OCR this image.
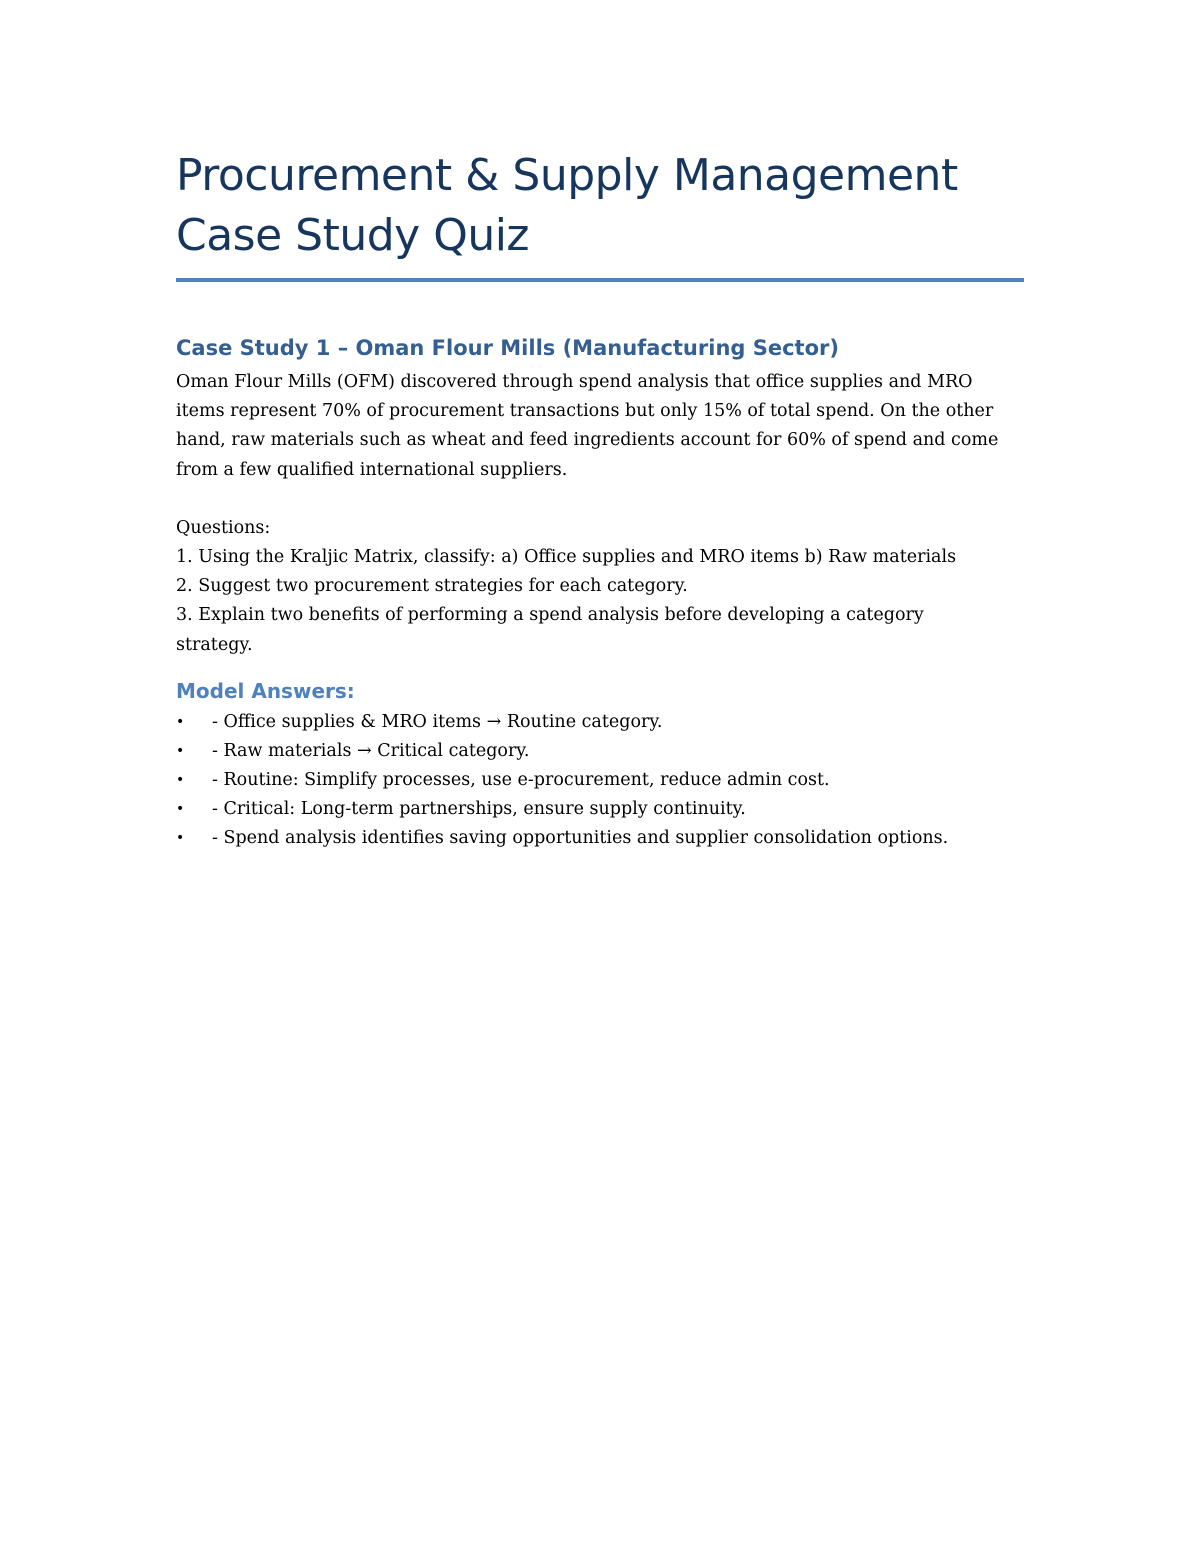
Procurement & Supply Management
Case Study Quiz
Case Study 1 – Oman Flour Mills (Manufacturing Sector)

Oman Flour Mills (OFM) discovered through spend analysis that office supplies and MRO
items represent 70% of procurement transactions but only 15% of total spend. On the other
hand, raw materials such as wheat and feed ingredients account for 60% of spend and come
from a few qualified international suppliers.

Questions:
1. Using the Kraljic Matrix, classify: a) Office supplies and MRO items b) Raw materials
2. Suggest two procurement strategies for each category.
3. Explain two benefits of performing a spend analysis before developing a category
strategy.

Model Answers:
• - Office supplies & MRO items → Routine category.
• - Raw materials → Critical category.
• - Routine: Simplify processes, use e-procurement, reduce admin cost.
• - Critical: Long-term partnerships, ensure supply continuity.
• - Spend analysis identifies saving opportunities and supplier consolidation options.
